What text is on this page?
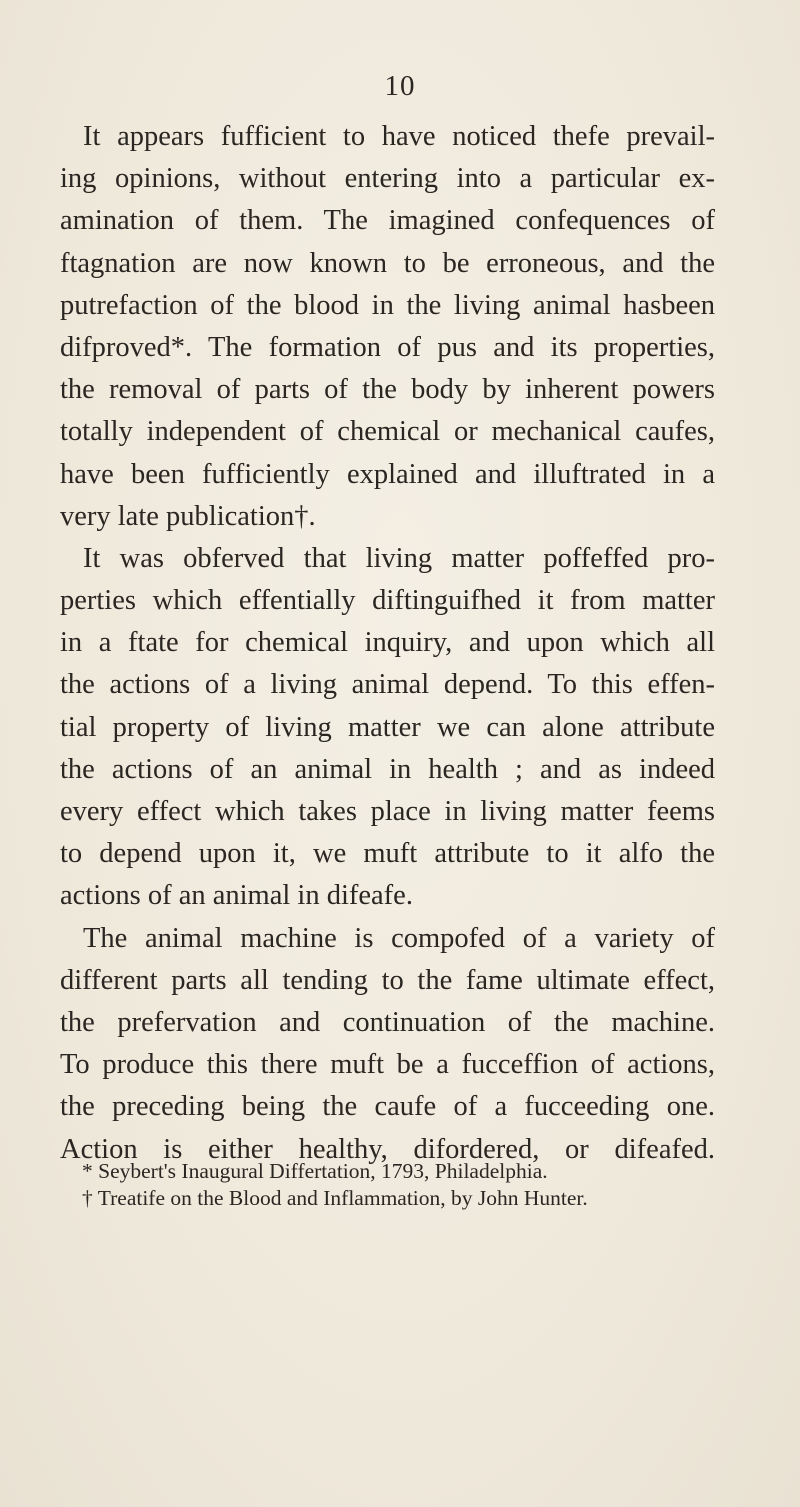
10
It appears fufficient to have noticed thefe prevail-
ing opinions, without entering into a particular ex-
amination of them. The imagined confequences of
ftagnation are now known to be erroneous, and the
putrefaction of the blood in the living animal hasbeen
difproved*. The formation of pus and its properties,
the removal of parts of the body by inherent powers
totally independent of chemical or mechanical caufes,
have been fufficiently explained and illuftrated in a
very late publication†.
It was obferved that living matter poffeffed pro-
perties which effentially diftinguifhed it from matter
in a ftate for chemical inquiry, and upon which all
the actions of a living animal depend. To this effen-
tial property of living matter we can alone attribute
the actions of an animal in health ; and as indeed
every effect which takes place in living matter feems
to depend upon it, we muft attribute to it alfo the
actions of an animal in difeafe.
The animal machine is compofed of a variety of
different parts all tending to the fame ultimate effect,
the prefervation and continuation of the machine.
To produce this there muft be a fucceffion of actions,
the preceding being the caufe of a fucceeding one.
Action is either healthy, difordered, or difeafed.
* Seybert's Inaugural Differtation, 1793, Philadelphia.
† Treatife on the Blood and Inflammation, by John Hunter.
